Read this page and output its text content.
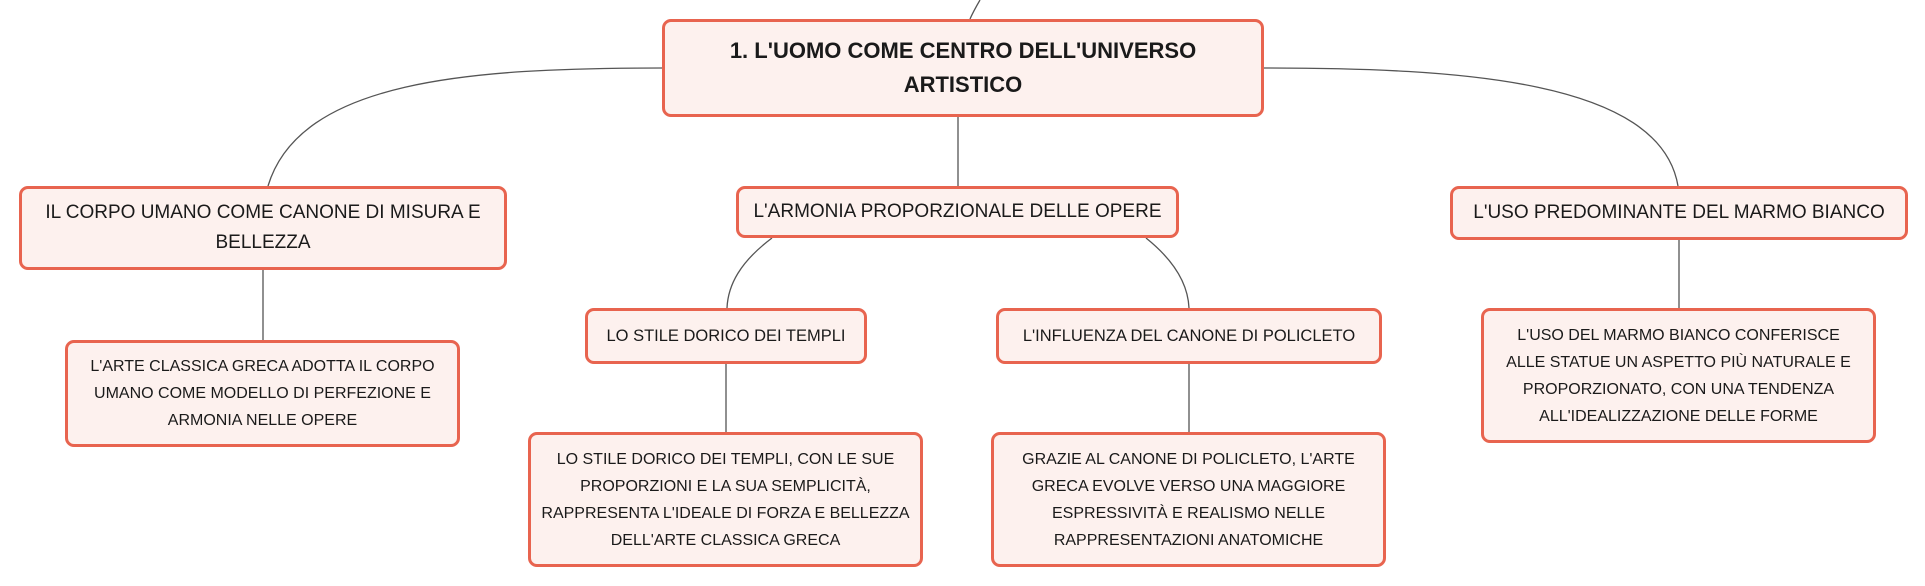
1. L'UOMO COME CENTRO DELL'UNIVERSO ARTISTICO
IL CORPO UMANO COME CANONE DI MISURA E BELLEZZA
L'ARMONIA PROPORZIONALE DELLE OPERE	L'USO PREDOMINANTE DEL MARMO BIANCO
L'ARTE CLASSICA GRECA ADOTTA IL CORPO UMANO COME MODELLO DI PERFEZIONE E ARMONIA NELLE OPERE
LO STILE DORICO DEI TEMPLI	L'INFLUENZA DEL CANONE DI POLICLETO
LO STILE DORICO DEI TEMPLI, CON LE SUE PROPORZIONI E LA SUA SEMPLICITÀ, RAPPRESENTA L'IDEALE DI FORZA E BELLEZZA DELL'ARTE CLASSICA GRECA
GRAZIE AL CANONE DI POLICLETO, L'ARTE GRECA EVOLVE VERSO UNA MAGGIORE ESPRESSIVITÀ E REALISMO NELLE RAPPRESENTAZIONI ANATOMICHE
L'USO DEL MARMO BIANCO CONFERISCE ALLE STATUE UN ASPETTO PIÙ NATURALE E PROPORZIONATO, CON UNA TENDENZA ALL'IDEALIZZAZIONE DELLE FORME
